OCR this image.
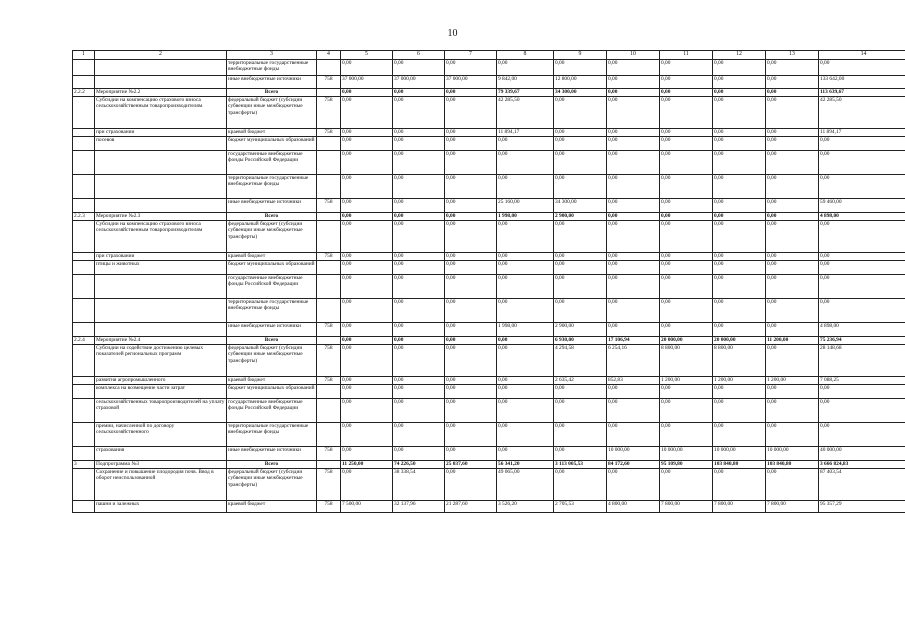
10
1	2	3	4	5	6	7	8	9	10	11	12	13	14
		территориальные государственные внебюджетные фонды		0,00	0,00	0,00	0,00	0,00	0,00	0,00	0,00	0,00	0,00
		иные внебюджетные источники	758	37 000,00	37 000,00	37 000,00	9 842,00	12 800,00	0,00	0,00	0,00	0,00	133 642,00
2.2.2	Мероприятие №2.2	Всего		0,00	0,00	0,00	79 339,67	34 300,00	0,00	0,00	0,00	0,00	113 639,67
	Субсидии на компенсацию страхового взноса сельскохозяйственным товаропроизводителям	федеральный бюджет (субсидии субвенции иные межбюджетные трансферты)	758	0,00	0,00	0,00	42 285,50	0,00	0,00	0,00	0,00	0,00	42 285,50
	при страховании	краевой бюджет	758	0,00	0,00	0,00	11 894,17	0,00	0,00	0,00	0,00	0,00	11 894,17
	посевов	бюджет муниципальных образований		0,00	0,00	0,00	0,00	0,00	0,00	0,00	0,00	0,00	0,00
		государственные внебюджетные фонды Российской Федерации		0,00	0,00	0,00	0,00	0,00	0,00	0,00	0,00	0,00	0,00
		территориальные государственные внебюджетные фонды		0,00	0,00	0,00	0,00	0,00	0,00	0,00	0,00	0,00	0,00
		иные внебюджетные источники	758	0,00	0,00	0,00	25 160,00	34 300,00	0,00	0,00	0,00	0,00	59 460,00
2.2.3	Мероприятие №2.3	Всего		0,00	0,00	0,00	1 998,00	2 900,00	0,00	0,00	0,00	0,00	4 898,00
	Субсидии на компенсацию страхового взноса сельскохозяйственным товаропроизводителям	федеральный бюджет (субсидии субвенции иные межбюджетные трансферты)		0,00	0,00	0,00	0,00	0,00	0,00	0,00	0,00	0,00	0,00
	при страховании	краевой бюджет	758	0,00	0,00	0,00	0,00	0,00	0,00	0,00	0,00	0,00	0,00
	птицы и животных	бюджет муниципальных образований		0,00	0,00	0,00	0,00	0,00	0,00	0,00	0,00	0,00	0,00
		государственные внебюджетные фонды Российской Федерации		0,00	0,00	0,00	0,00	0,00	0,00	0,00	0,00	0,00	0,00
		территориальные государственные внебюджетные фонды		0,00	0,00	0,00	0,00	0,00	0,00	0,00	0,00	0,00	0,00
		иные внебюджетные источники	758	0,00	0,00	0,00	1 998,00	2 900,00	0,00	0,00	0,00	0,00	4 898,00
2.2.4	Мероприятие №2.4	Всего		0,00	0,00	0,00	0,00	6 930,00	17 106,94	20 000,00	20 000,00	11 200,00	75 236,94
	Субсидии на содействие достижению целевых показателей региональных программ	федеральный бюджет (субсидии субвенции иные межбюджетные трансферты)	758	0,00	0,00	0,00	0,00	4 294,58	6 254,16	8 800,00	8 800,00	0,00	28 148,68
	развития агропромышленного	краевой бюджет	758	0,00	0,00	0,00	0,00	2 635,42	852,83	1 200,00	1 200,00	1 200,00	7 088,25
	комплекса на возмещение части затрат	бюджет муниципальных образований		0,00	0,00	0,00	0,00	0,00	0,00	0,00	0,00	0,00	0,00
	сельскохозяйственных товаропроизводителей на уплату страховой	государственные внебюджетные фонды Российской Федерации		0,00	0,00	0,00	0,00	0,00	0,00	0,00	0,00	0,00	0,00
	премии, начисленной по договору сельскохозяйственного	территориальные государственные внебюджетные фонды		0,00	0,00	0,00	0,00	0,00	0,00	0,00	0,00	0,00	0,00
	страхования	иные внебюджетные источники	758	0,00	0,00	0,00	0,00	0,00	10 000,00	10 000,00	10 000,00	10 000,00	40 000,00
3	Подпрограмма №3	Всего		11 250,00	74 226,50	25 037,60	56 341,20	3 113 005,53	84 172,60	95 109,80	103 840,80	103 840,80	3 666 824,83
	Сохранение и повышение плодородия почв. Ввод в оборот неиспользованной	федеральный бюджет (субсидии субвенции иные межбюджетные трансферты)	758	0,00	38 338,54	0,00	49 065,00	0,00	0,00	0,00	0,00	0,00	87 403,54
	пашни и залежных	краевой бюджет	758	7 500,00	32 137,96	21 287,60	3 526,20	2 705,53	4 800,00	7 800,00	7 800,00	7 800,00	95 357,29
